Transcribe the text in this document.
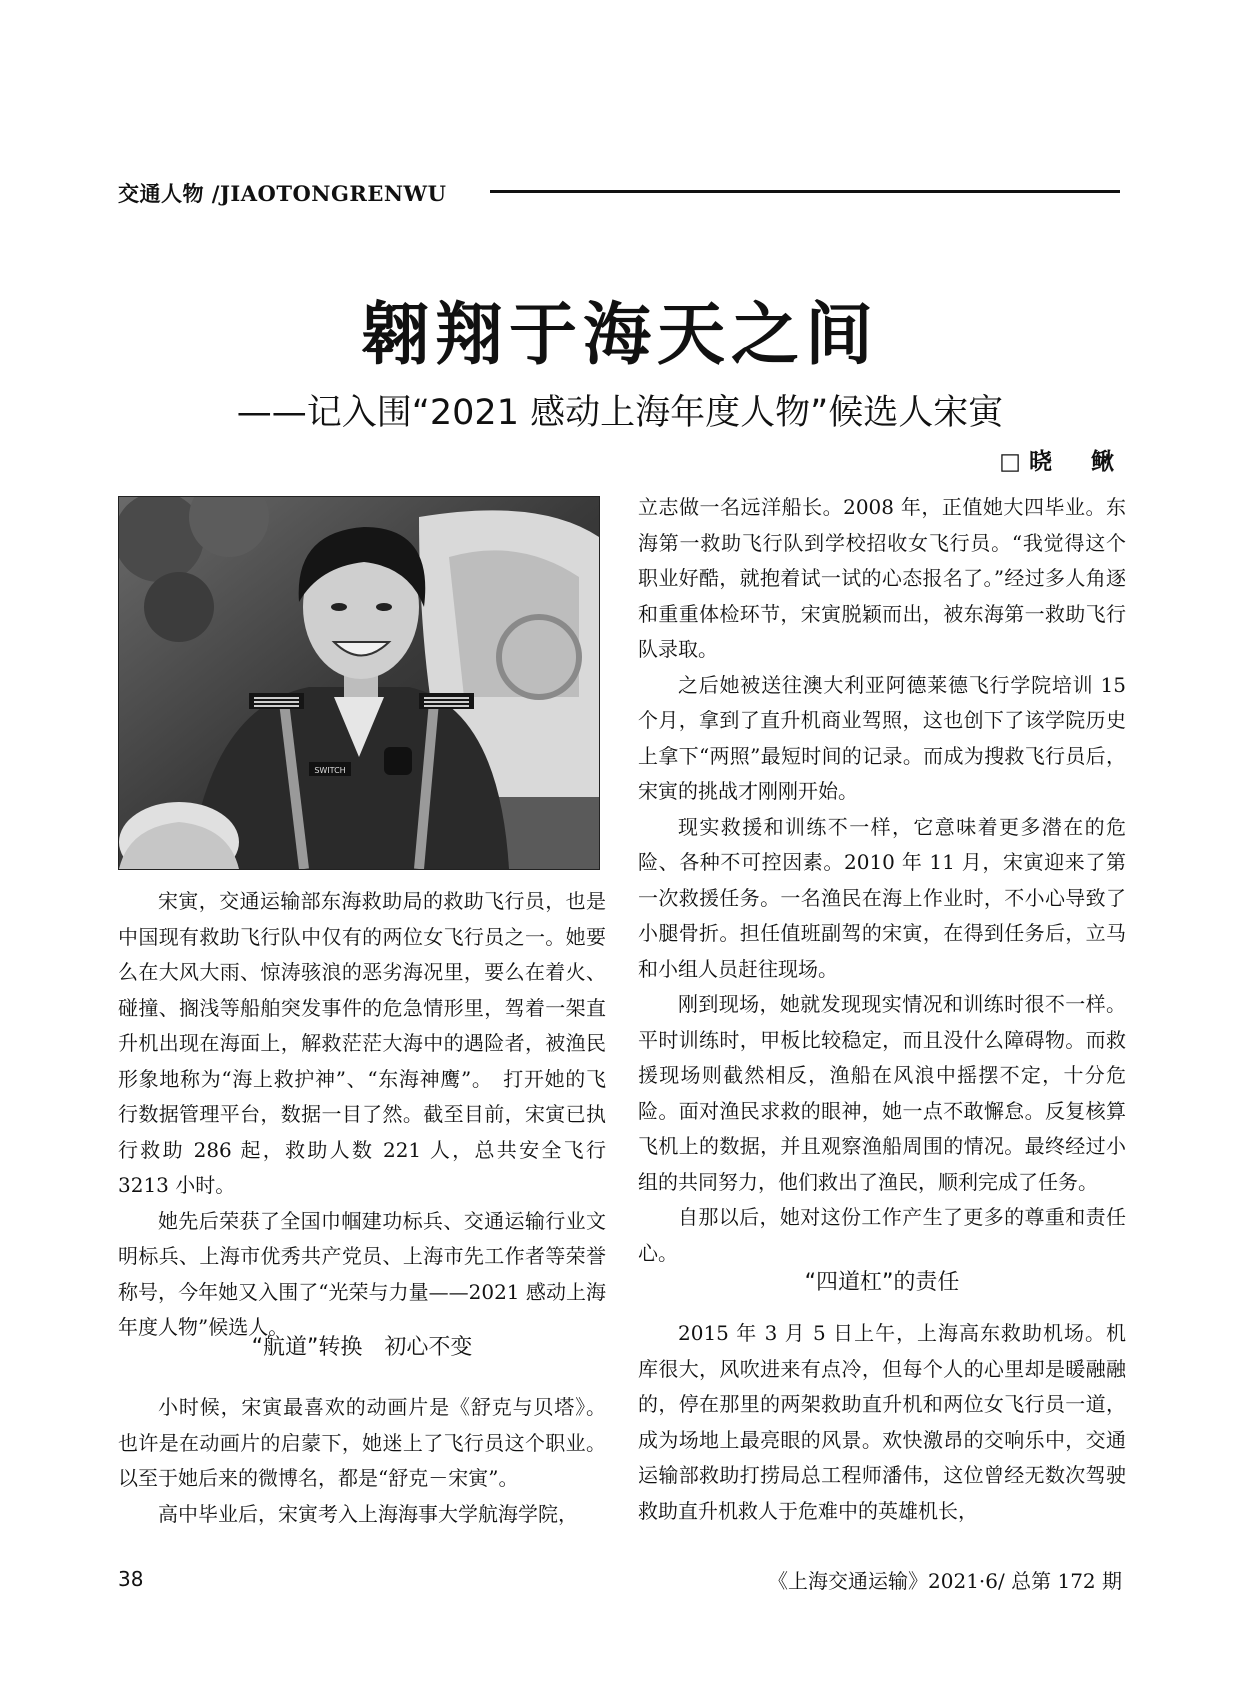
交通人物 /JIAOTONGRENWU
翱翔于海天之间
——记入围“2021 感动上海年度人物”候选人宋寅
□晓　鳅
SWITCH

宋寅，交通运输部东海救助局的救助飞行员，也是中国现有救助飞行队中仅有的两位女飞行员之一。她要么在大风大雨、惊涛骇浪的恶劣海况里，要么在着火、碰撞、搁浅等船舶突发事件的危急情形里，驾着一架直升机出现在海面上，解救茫茫大海中的遇险者，被渔民形象地称为“海上救护神”、“东海神鹰”。　打开她的飞行数据管理平台，数据一目了然。截至目前，宋寅已执行救助 286 起，救助人数 221 人，总共安全飞行 3213 小时。

她先后荣获了全国巾帼建功标兵、交通运输行业文明标兵、上海市优秀共产党员、上海市先工作者等荣誉称号，今年她又入围了“光荣与力量——2021 感动上海年度人物”候选人。

“航道”转换　初心不变

小时候，宋寅最喜欢的动画片是《舒克与贝塔》。也许是在动画片的启蒙下，她迷上了飞行员这个职业。以至于她后来的微博名，都是“舒克－宋寅”。

高中毕业后，宋寅考入上海海事大学航海学院，

立志做一名远洋船长。2008 年，正值她大四毕业。东海第一救助飞行队到学校招收女飞行员。“我觉得这个职业好酷，就抱着试一试的心态报名了。”经过多人角逐和重重体检环节，宋寅脱颖而出，被东海第一救助飞行队录取。

之后她被送往澳大利亚阿德莱德飞行学院培训 15 个月，拿到了直升机商业驾照，这也创下了该学院历史上拿下“两照”最短时间的记录。而成为搜救飞行员后，宋寅的挑战才刚刚开始。

现实救援和训练不一样，它意味着更多潜在的危险、各种不可控因素。2010 年 11 月，宋寅迎来了第一次救援任务。一名渔民在海上作业时，不小心导致了小腿骨折。担任值班副驾的宋寅，在得到任务后，立马和小组人员赶往现场。

刚到现场，她就发现现实情况和训练时很不一样。平时训练时，甲板比较稳定，而且没什么障碍物。而救援现场则截然相反，渔船在风浪中摇摆不定，十分危险。面对渔民求救的眼神，她一点不敢懈怠。反复核算飞机上的数据，并且观察渔船周围的情况。最终经过小组的共同努力，他们救出了渔民，顺利完成了任务。

自那以后，她对这份工作产生了更多的尊重和责任心。

“四道杠”的责任

2015 年 3 月 5 日上午，上海高东救助机场。机库很大，风吹进来有点冷，但每个人的心里却是暖融融的，停在那里的两架救助直升机和两位女飞行员一道，成为场地上最亮眼的风景。欢快激昂的交响乐中，交通运输部救助打捞局总工程师潘伟，这位曾经无数次驾驶救助直升机救人于危难中的英雄机长，

38	《上海交通运输》2021·6/ 总第 172 期
